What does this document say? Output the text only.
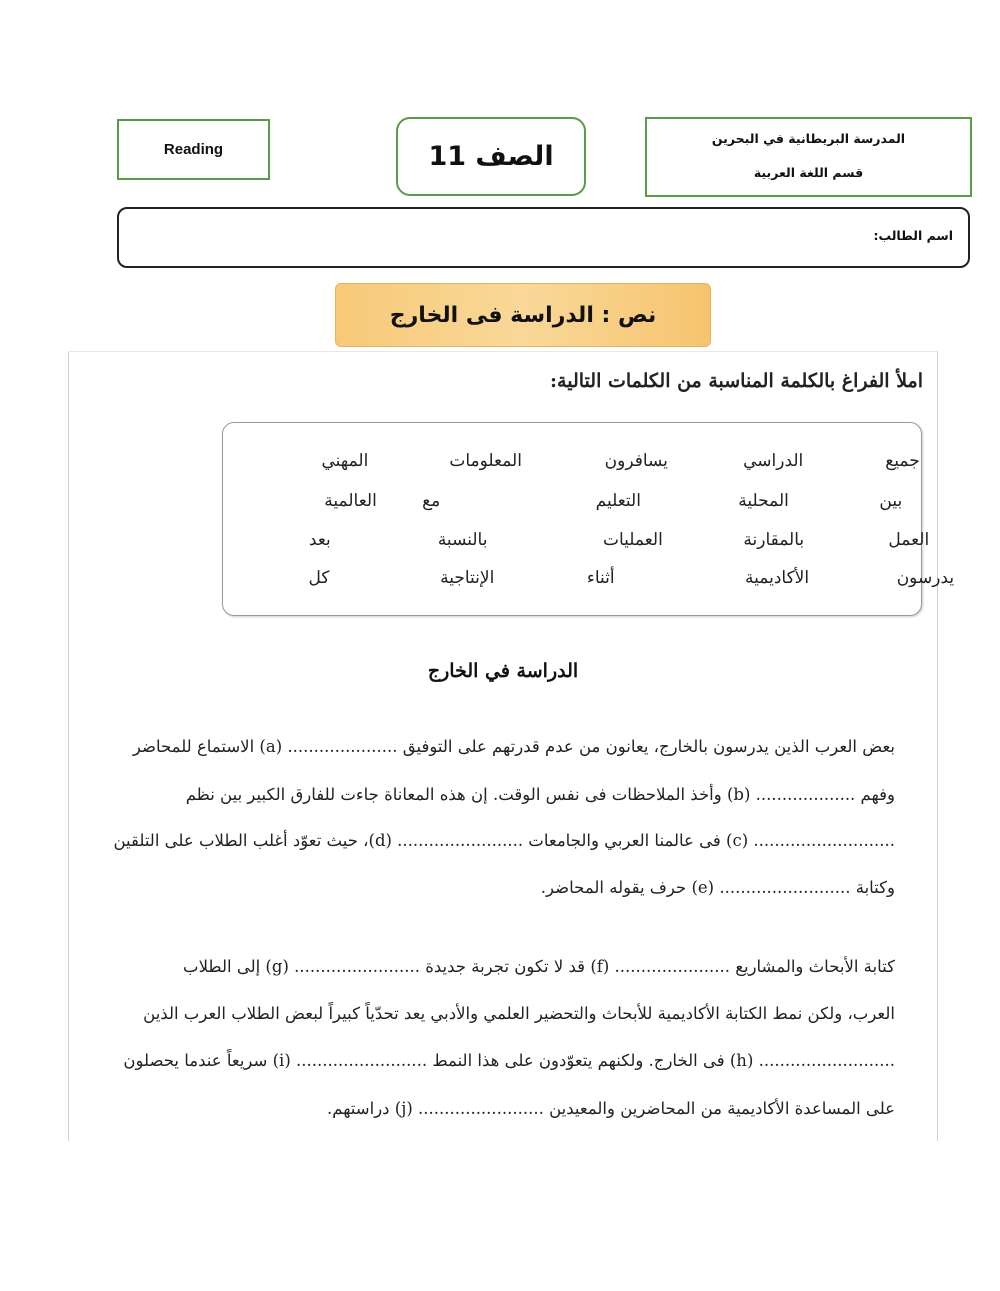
Reading	الصف 11
المدرسة البريطانية في البحرين
قسم اللغة العربية
اسم الطالب:
نص : الدراسة فى الخارج
املأ الفراغ بالكلمة المناسبة من الكلمات التالية:
جميع
الدراسي
يسافرون
المعلومات
المهني
بين
المحلية
التعليم
مع
العالمية
العمل
بالمقارنة
العمليات
بالنسبة
بعد
يدرسون
الأكاديمية
أثناء
الإنتاجية
كل
الدراسة في الخارج
بعض العرب الذين يدرسون بالخارج، يعانون من عدم قدرتهم على التوفيق ..................... (a) الاستماع للمحاضر
وفهم ................... (b) وأخذ الملاحظات فى نفس الوقت. إن هذه المعاناة جاءت للفارق الكبير بين نظم
........................... (c) فى عالمنا العربي والجامعات ........................ (d)، حيث تعوّد أغلب الطلاب على التلقين
وكتابة ......................... (e) حرف يقوله المحاضر.
كتابة الأبحاث والمشاريع ...................... (f) قد لا تكون تجربة جديدة ........................ (g) إلى الطلاب
العرب، ولكن نمط الكتابة الأكاديمية للأبحاث والتحضير العلمي والأدبي يعد تحدّياً كبيراً لبعض الطلاب العرب الذين
.......................... (h) فى الخارج. ولكنهم يتعوّدون على هذا النمط ......................... (i) سريعاً عندما يحصلون
على المساعدة الأكاديمية من المحاضرين والمعيدين ........................ (j) دراستهم.
